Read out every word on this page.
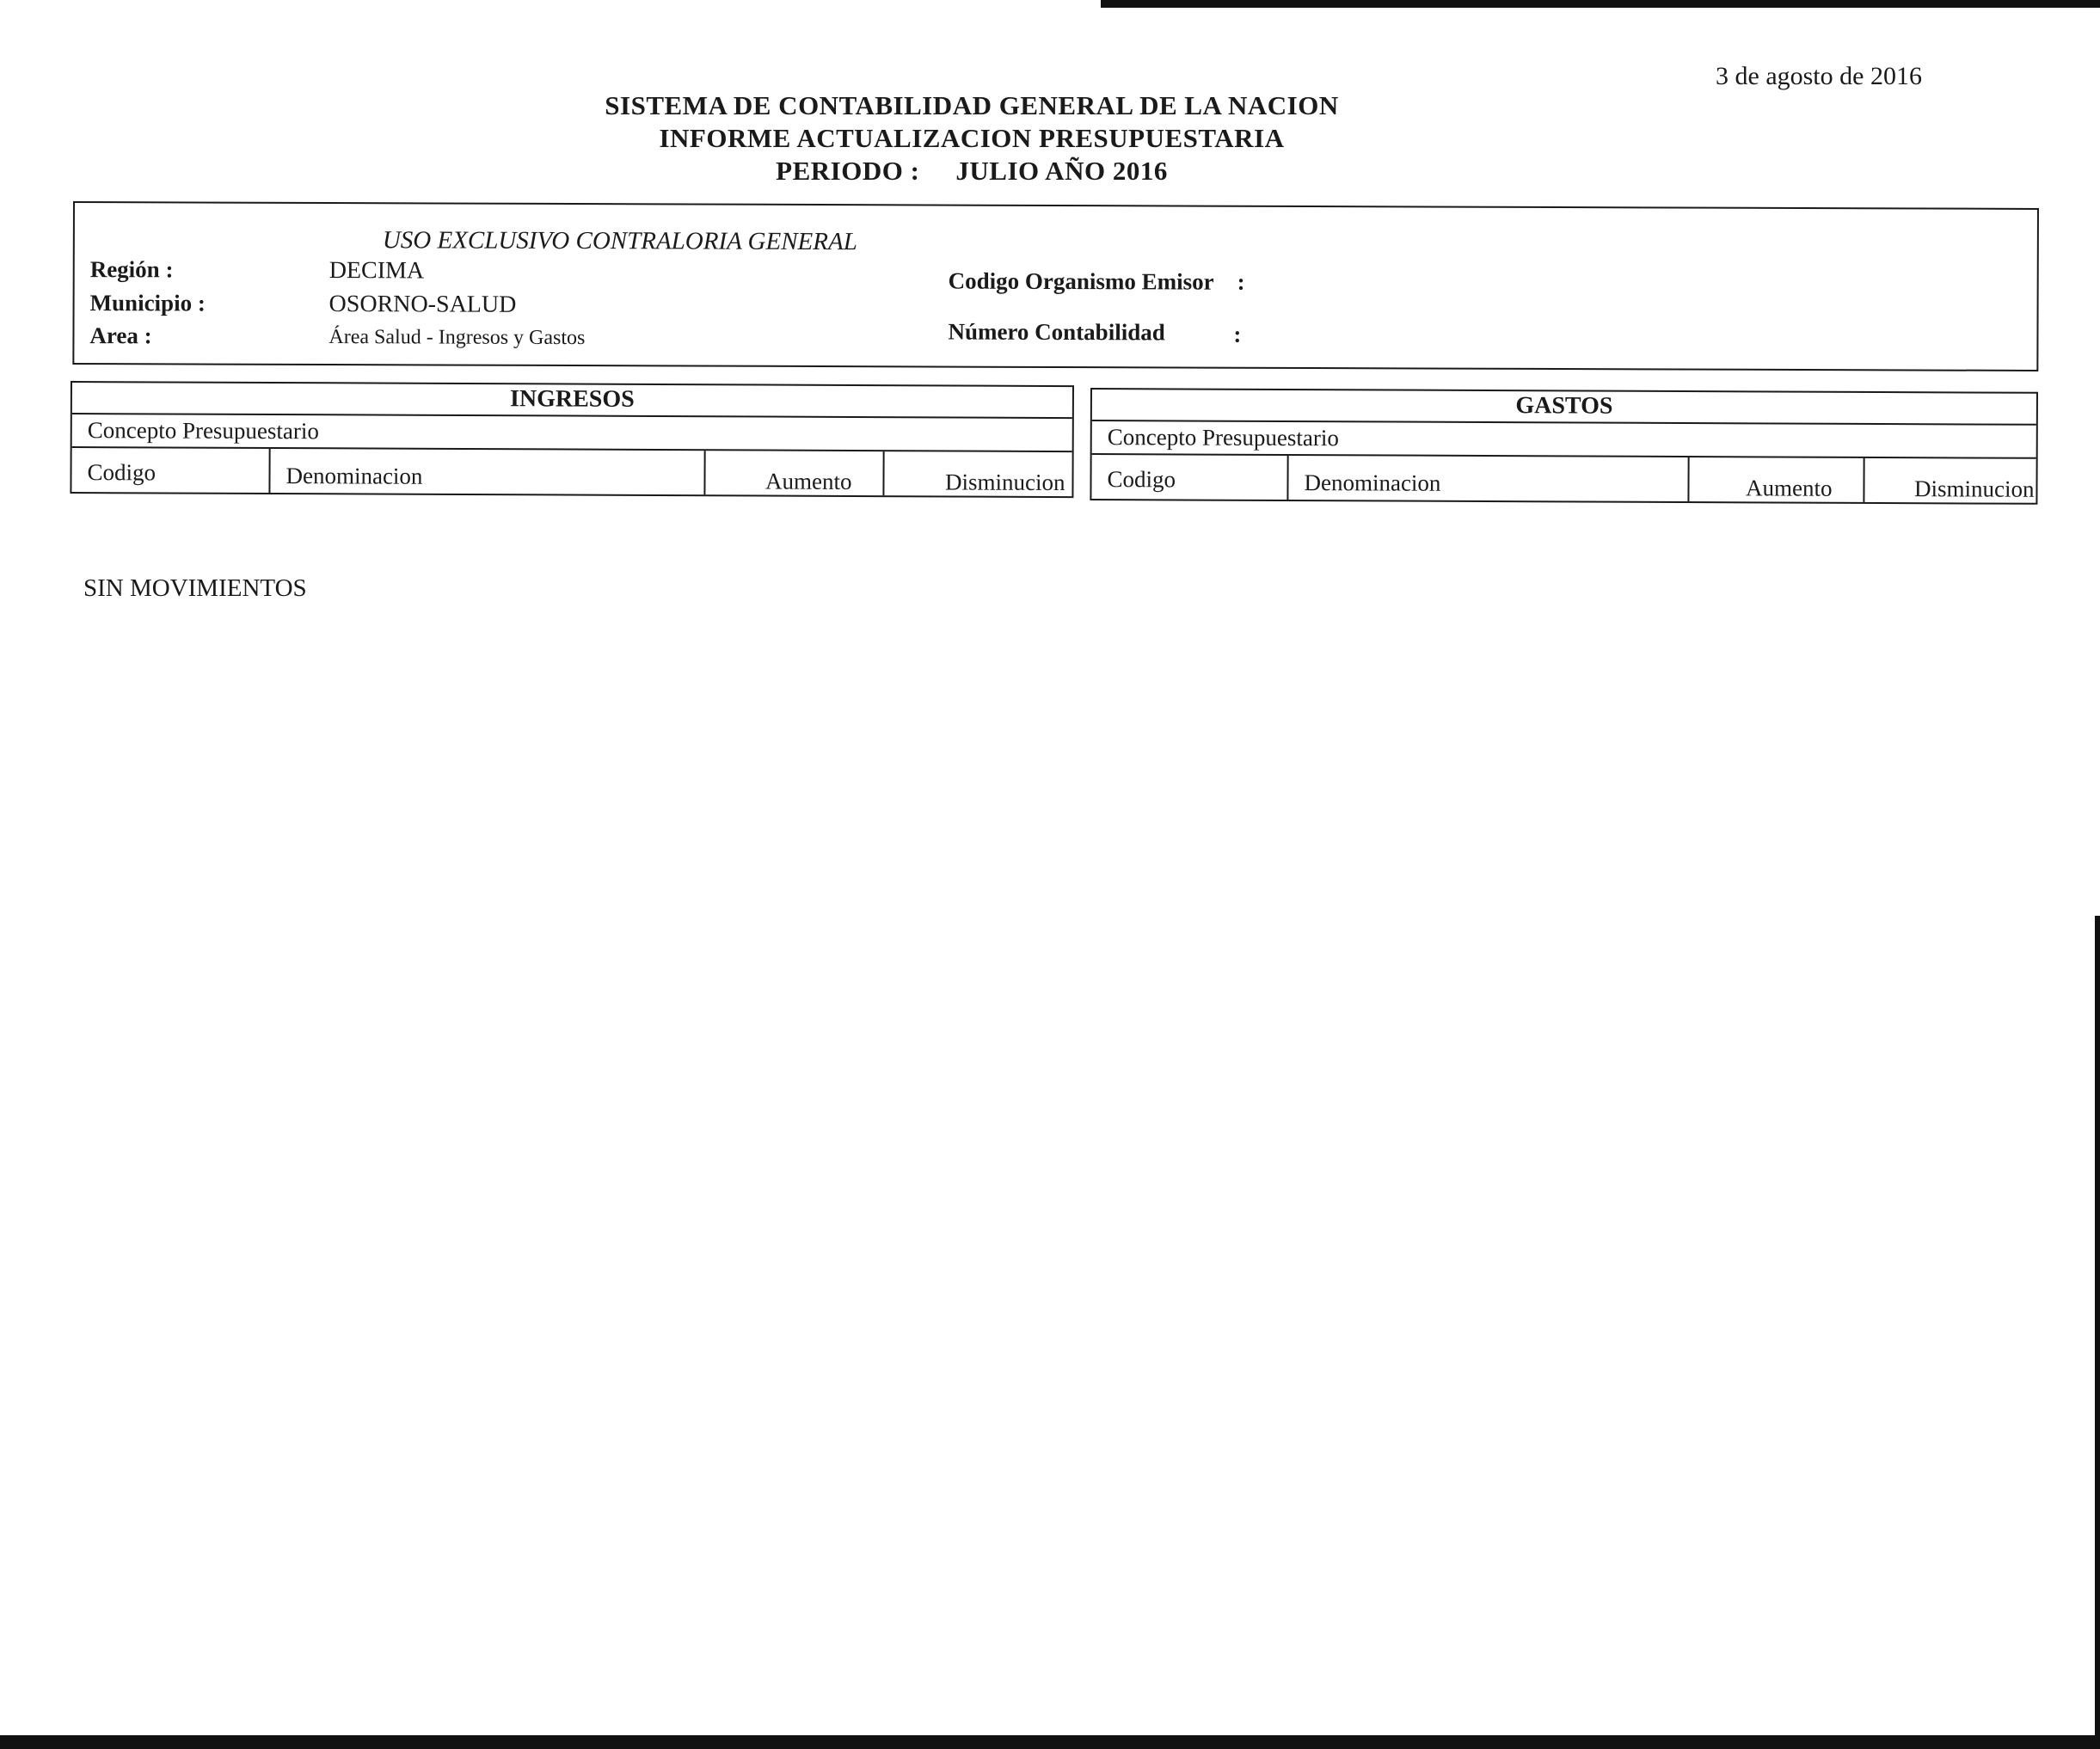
3 de agosto de 2016
SISTEMA DE CONTABILIDAD GENERAL DE LA NACION
INFORME ACTUALIZACION PRESUPUESTARIA
PERIODO : JULIO AÑO 2016
USO EXCLUSIVO CONTRALORIA GENERAL
Región :	DECIMA
Municipio :	OSORNO-SALUD
Area :	Área Salud - Ingresos y Gastos
Codigo Organismo Emisor :
Número Contabilidad	:
INGRESOS
Concepto Presupuestario
Codigo	Denominacion	Aumento	Disminucion
GASTOS
Concepto Presupuestario
Codigo	Denominacion	Aumento	Disminucion
SIN MOVIMIENTOS
